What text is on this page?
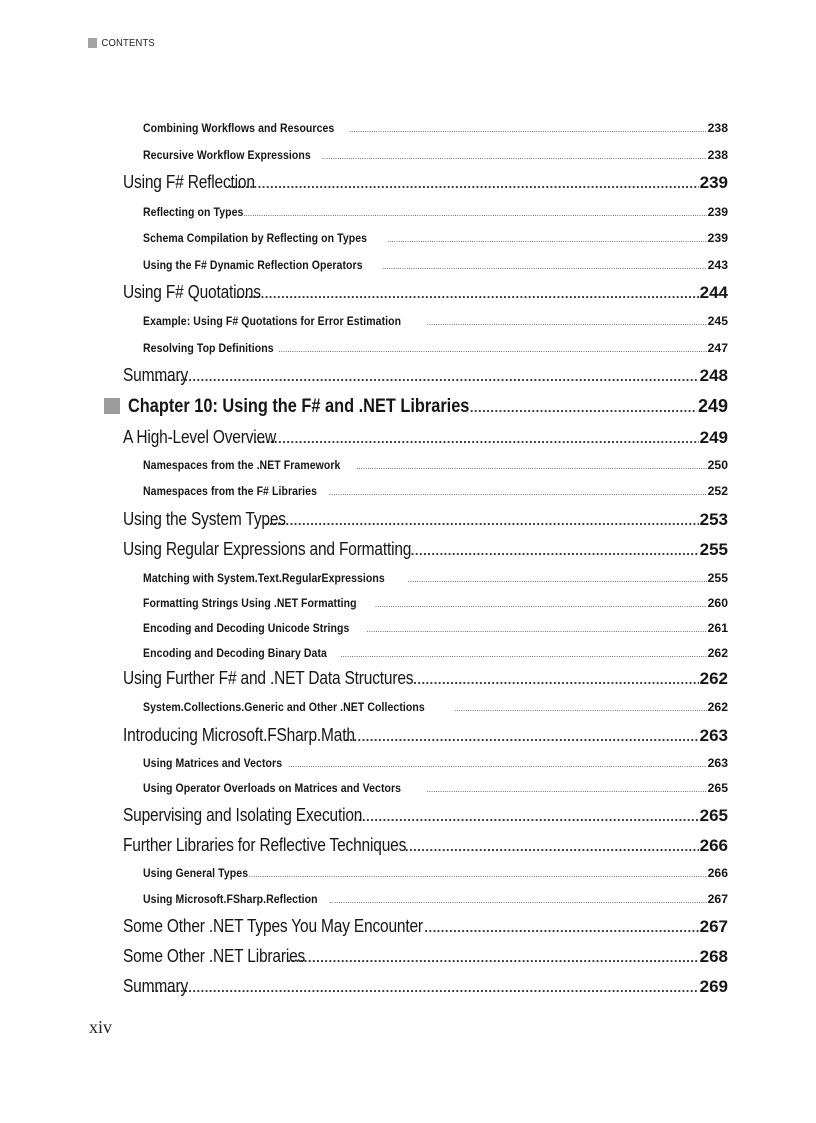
CONTENTS
Combining Workflows and Resources .....	238
Recursive Workflow Expressions .....	238
Using F# Reflection .....	239
Reflecting on Types .....	239
Schema Compilation by Reflecting on Types .....	239
Using the F# Dynamic Reflection Operators .....	243
Using F# Quotations .....	244
Example: Using F# Quotations for Error Estimation .....	245
Resolving Top Definitions .....	247
Summary .....	248
Chapter 10: Using the F# and .NET Libraries .....	249
A High-Level Overview .....	249
Namespaces from the .NET Framework .....	250
Namespaces from the F# Libraries .....	252
Using the System Types .....	253
Using Regular Expressions and Formatting .....	255
Matching with System.Text.RegularExpressions .....	255
Formatting Strings Using .NET Formatting .....	260
Encoding and Decoding Unicode Strings .....	261
Encoding and Decoding Binary Data .....	262
Using Further F# and .NET Data Structures .....	262
System.Collections.Generic and Other .NET Collections .....	262
Introducing Microsoft.FSharp.Math .....	263
Using Matrices and Vectors .....	263
Using Operator Overloads on Matrices and Vectors .....	265
Supervising and Isolating Execution .....	265
Further Libraries for Reflective Techniques .....	266
Using General Types .....	266
Using Microsoft.FSharp.Reflection .....	267
Some Other .NET Types You May Encounter .....	267
Some Other .NET Libraries .....	268
Summary .....	269
xiv
